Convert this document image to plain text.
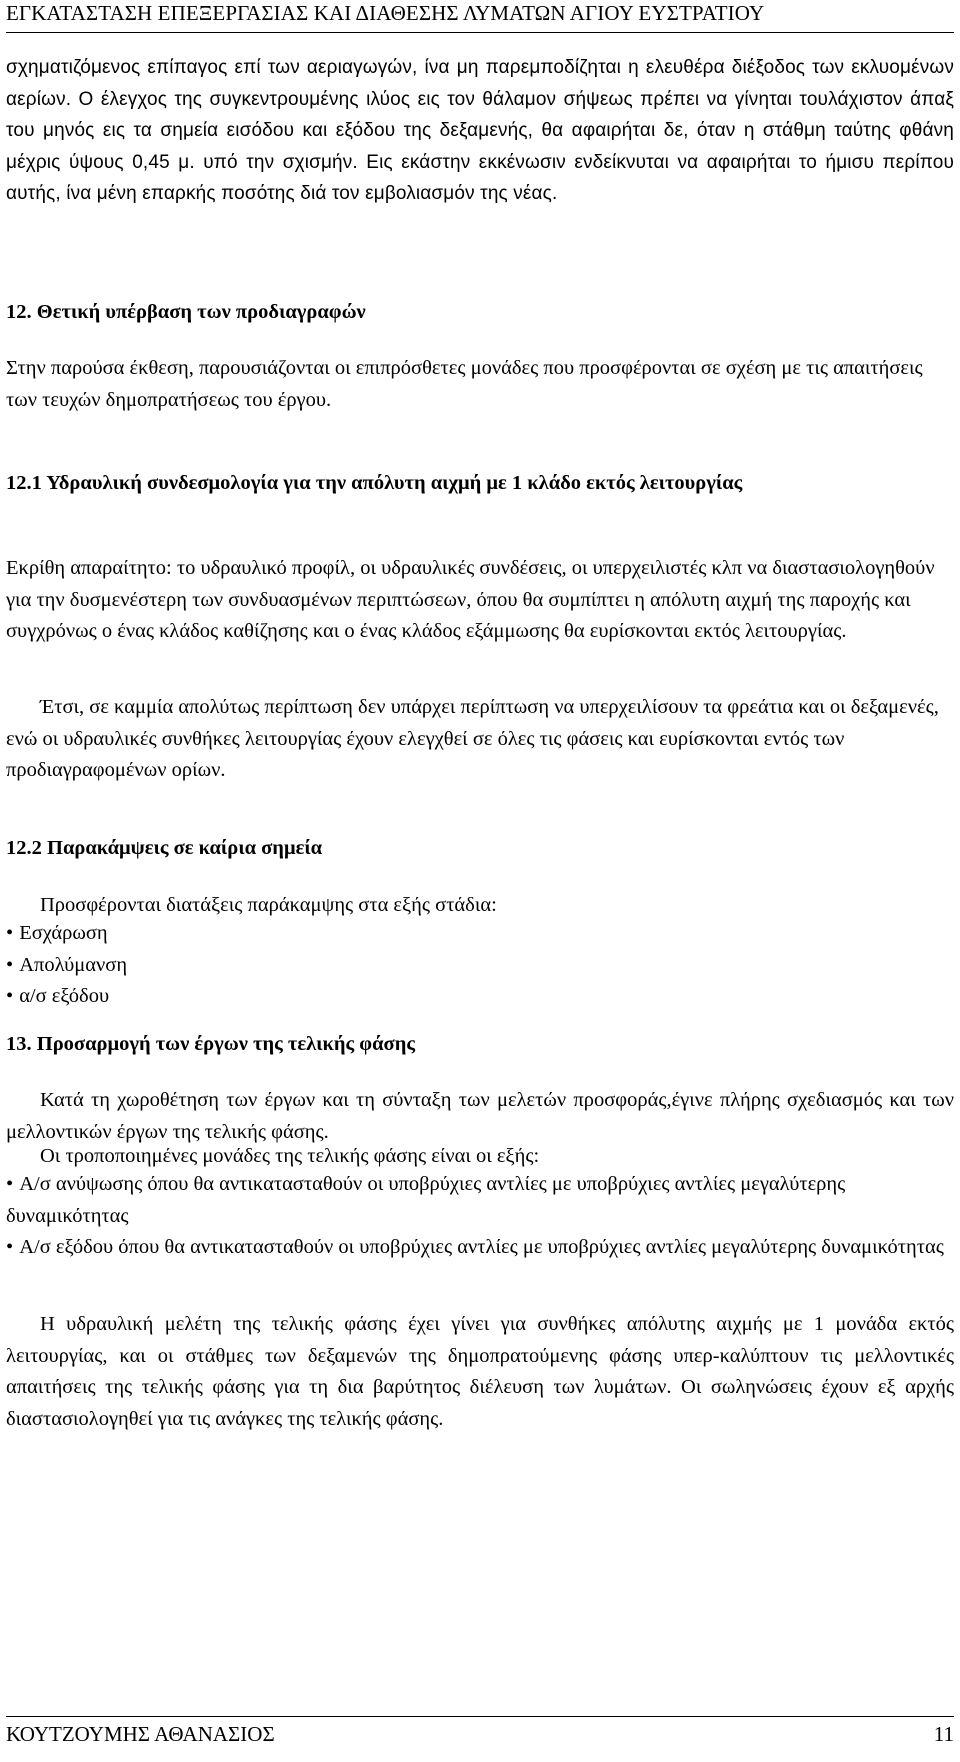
ΕΓΚΑΤΑΣΤΑΣΗ ΕΠΕΞΕΡΓΑΣΙΑΣ ΚΑΙ ΔΙΑΘΕΣΗΣ ΛΥΜΑΤΩΝ ΑΓΙΟΥ ΕΥΣΤΡΑΤΙΟΥ

σχηματιζόμενος επίπαγος επί των αεριαγωγών, ίνα μη παρεμποδίζηται η ελευθέρα διέξοδος των εκλυομένων αερίων. Ο έλεγχος της συγκεντρουμένης ιλύος εις τον θάλαμον σήψεως πρέπει να γίνηται τουλάχιστον άπαξ του μηνός εις τα σημεία εισόδου και εξόδου της δεξαμενής, θα αφαιρήται δε, όταν η στάθμη ταύτης φθάνη μέχρις ύψους 0,45 μ. υπό την σχισμήν. Εις εκάστην εκκένωσιν ενδείκνυται να αφαιρήται το ήμισυ περίπου αυτής, ίνα μένη επαρκής ποσότης διά τον εμβολιασμόν της νέας.

12. Θετική υπέρβαση των προδιαγραφών

Στην παρούσα έκθεση, παρουσιάζονται οι επιπρόσθετες μονάδες που προσφέρονται σε σχέση με τις απαιτήσεις των τευχών δημοπρατήσεως του έργου.

12.1 Υδραυλική συνδεσμολογία για την απόλυτη αιχμή με 1 κλάδο εκτός λειτουργίας

Εκρίθη απαραίτητο: το υδραυλικό προφίλ, οι υδραυλικές συνδέσεις, οι υπερχειλιστές κλπ να διαστασιολογηθούν για την δυσμενέστερη των συνδυασμένων περιπτώσεων, όπου θα συμπίπτει η απόλυτη αιχμή της παροχής και συγχρόνως ο ένας κλάδος καθίζησης και ο ένας κλάδος εξάμμωσης θα ευρίσκονται εκτός λειτουργίας.

Έτσι, σε καμμία απολύτως περίπτωση δεν υπάρχει περίπτωση να υπερχειλίσουν τα φρεάτια και οι δεξαμενές, ενώ οι υδραυλικές συνθήκες λειτουργίας έχουν ελεγχθεί σε όλες τις φάσεις και ευρίσκονται εντός των προδιαγραφομένων ορίων.

12.2 Παρακάμψεις σε καίρια σημεία

Προσφέρονται διατάξεις παράκαμψης στα εξής στάδια:

• Εσχάρωση
• Απολύμανση
• α/σ εξόδου
13. Προσαρμογή των έργων της τελικής φάσης

Κατά τη χωροθέτηση των έργων και τη σύνταξη των μελετών προσφοράς,έγινε πλήρης σχεδιασμός και των μελλοντικών έργων της τελικής φάσης.

Οι τροποποιημένες μονάδες της τελικής φάσης είναι οι εξής:

• Α/σ ανύψωσης όπου θα αντικατασταθούν οι υποβρύχιες αντλίες με υποβρύχιες αντλίες μεγαλύτερης δυναμικότητας
• Α/σ εξόδου όπου θα αντικατασταθούν οι υποβρύχιες αντλίες με υποβρύχιες αντλίες μεγαλύτερης δυναμικότητας

Η υδραυλική μελέτη της τελικής φάσης έχει γίνει για συνθήκες απόλυτης αιχμής με 1 μονάδα εκτός λειτουργίας, και οι στάθμες των δεξαμενών της δημοπρατούμενης φάσης υπερ-καλύπτουν τις μελλοντικές απαιτήσεις της τελικής φάσης για τη δια βαρύτητος διέλευση των λυμάτων. Οι σωληνώσεις έχουν εξ αρχής διαστασιολογηθεί για τις ανάγκες της τελικής φάσης.

ΚΟΥΤΖΟΥΜΗΣ ΑΘΑΝΑΣΙΟΣ	11
